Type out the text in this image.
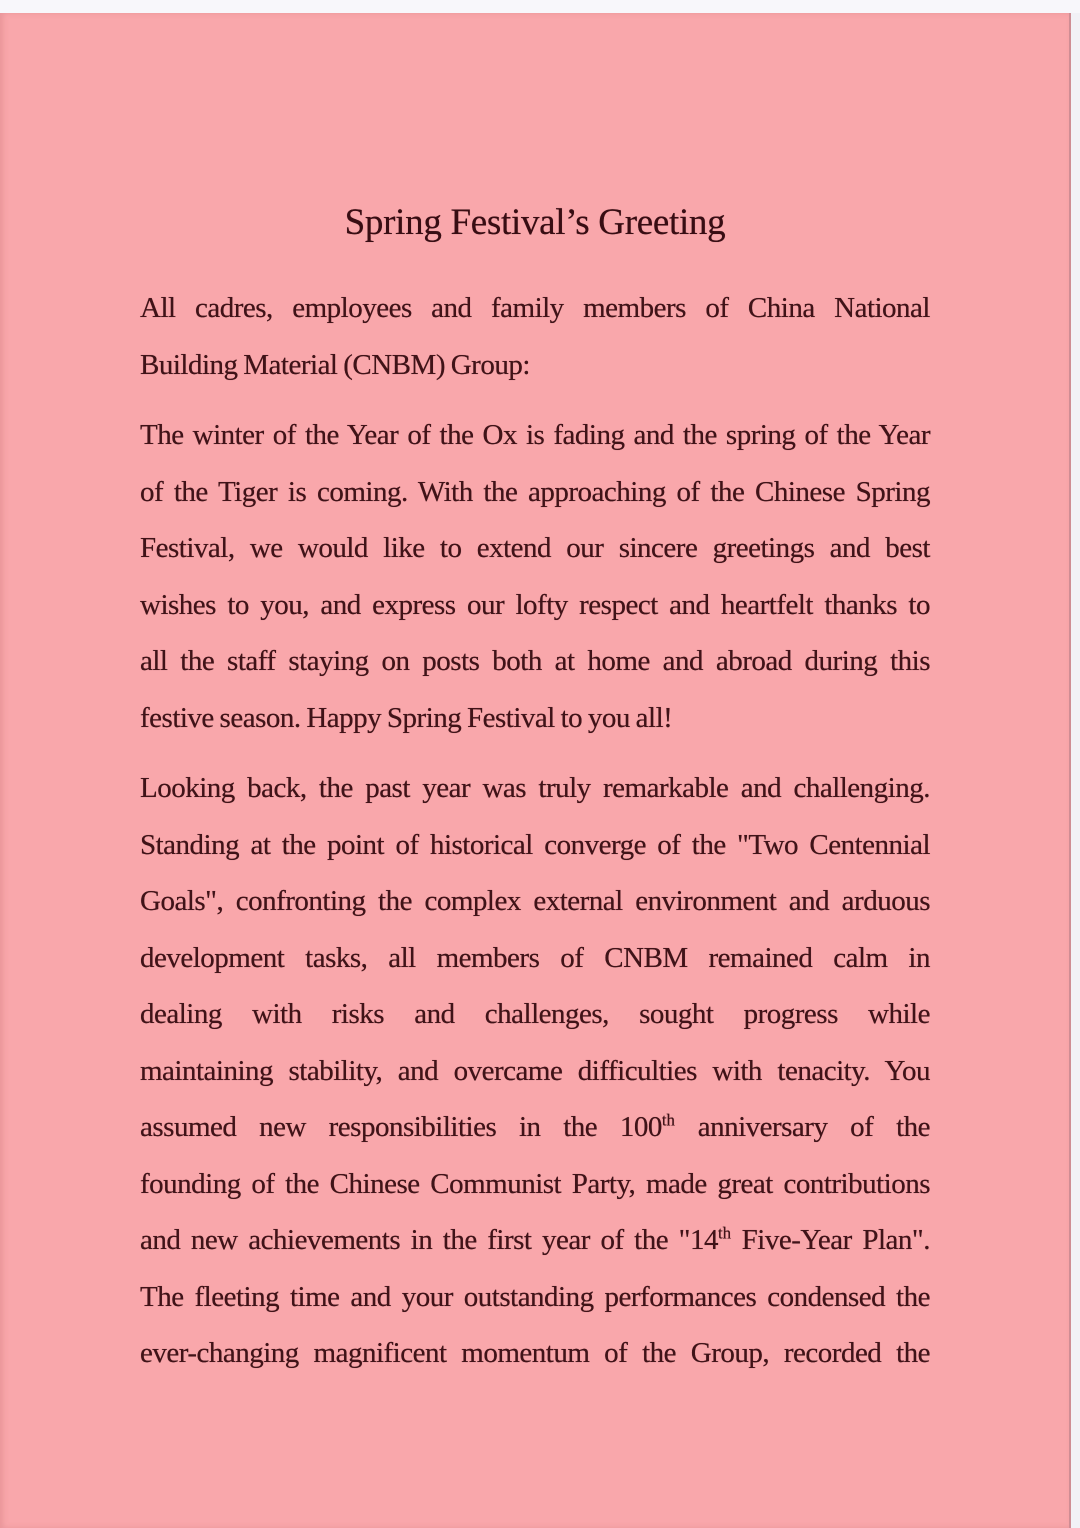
Spring Festival’s Greeting
All cadres, employees and family members of China National
Building Material (CNBM) Group:
The winter of the Year of the Ox is fading and the spring of the Year
of the Tiger is coming. With the approaching of the Chinese Spring
Festival, we would like to extend our sincere greetings and best
wishes to you, and express our lofty respect and heartfelt thanks to
all the staff staying on posts both at home and abroad during this
festive season. Happy Spring Festival to you all!
Looking back, the past year was truly remarkable and challenging.
Standing at the point of historical converge of the "Two Centennial
Goals", confronting the complex external environment and arduous
development tasks, all members of CNBM remained calm in
dealing with risks and challenges, sought progress while
maintaining stability, and overcame difficulties with tenacity. You
assumed new responsibilities in the 100th anniversary of the
founding of the Chinese Communist Party, made great contributions
and new achievements in the first year of the "14th Five-Year Plan".
The fleeting time and your outstanding performances condensed the
ever-changing magnificent momentum of the Group, recorded the
